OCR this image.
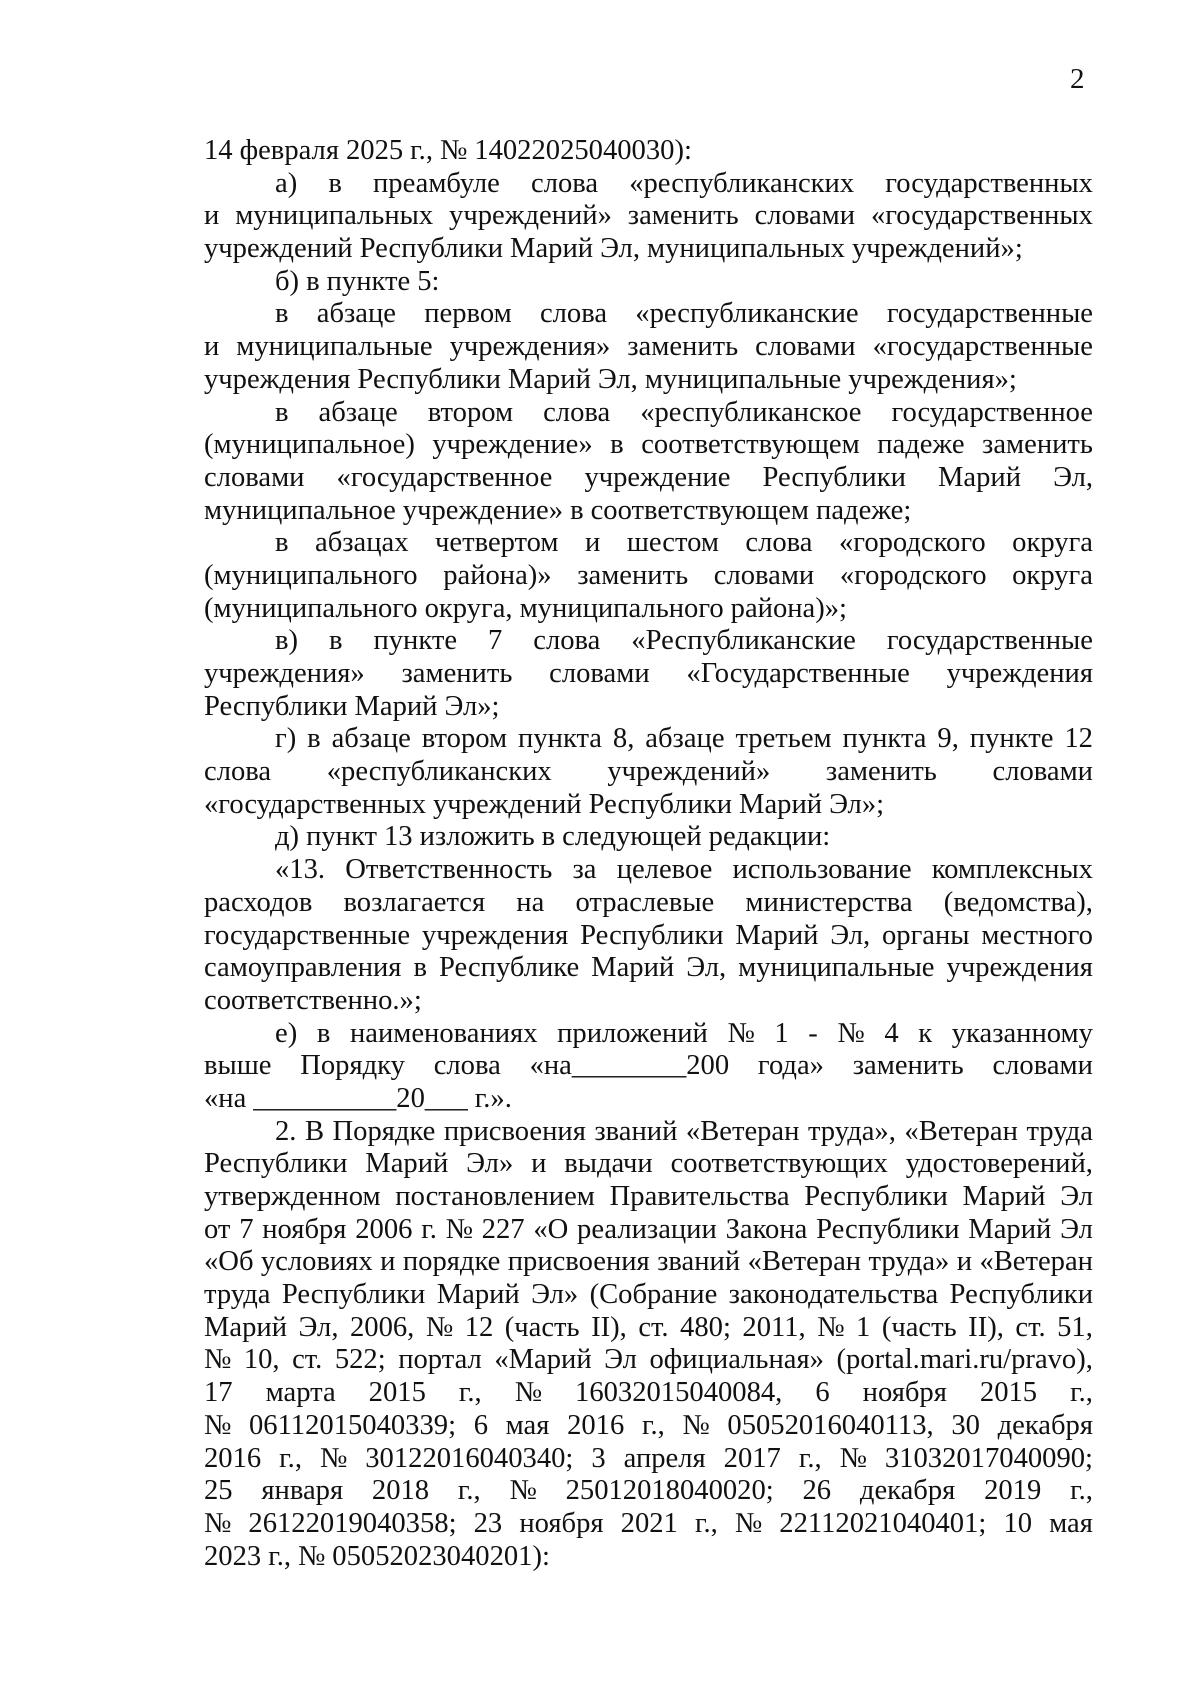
2
14 февраля 2025 г., № 14022025040030):
а) в преамбуле слова «республиканских государственных
и муниципальных учреждений» заменить словами «государственных
учреждений Республики Марий Эл, муниципальных учреждений»;
б) в пункте 5:
в абзаце первом слова «республиканские государственные
и муниципальные учреждения» заменить словами «государственные
учреждения Республики Марий Эл, муниципальные учреждения»;
в абзаце втором слова «республиканское государственное
(муниципальное) учреждение» в соответствующем падеже заменить
словами «государственное учреждение Республики Марий Эл,
муниципальное учреждение» в соответствующем падеже;
в абзацах четвертом и шестом слова «городского округа
(муниципального района)» заменить словами «городского округа
(муниципального округа, муниципального района)»;
в) в пункте 7 слова «Республиканские государственные
учреждения» заменить словами «Государственные учреждения
Республики Марий Эл»;
г) в абзаце втором пункта 8, абзаце третьем пункта 9, пункте 12
слова «республиканских учреждений» заменить словами
«государственных учреждений Республики Марий Эл»;
д) пункт 13 изложить в следующей редакции:
«13. Ответственность за целевое использование комплексных
расходов возлагается на отраслевые министерства (ведомства),
государственные учреждения Республики Марий Эл, органы местного
самоуправления в Республике Марий Эл, муниципальные учреждения
соответственно.»;
е) в наименованиях приложений № 1 - № 4 к указанному
выше Порядку слова «на________200 года» заменить словами
«на __________20___ г.».
2. В Порядке присвоения званий «Ветеран труда», «Ветеран труда
Республики Марий Эл» и выдачи соответствующих удостоверений,
утвержденном постановлением Правительства Республики Марий Эл
от 7 ноября 2006 г. № 227 «О реализации Закона Республики Марий Эл
«Об условиях и порядке присвоения званий «Ветеран труда» и «Ветеран
труда Республики Марий Эл» (Собрание законодательства Республики
Марий Эл, 2006, № 12 (часть II), ст. 480; 2011, № 1 (часть II), ст. 51,
№ 10, ст. 522; портал «Марий Эл официальная» (portal.mari.ru/pravo),
17 марта 2015 г., № 16032015040084, 6 ноября 2015 г.,
№ 06112015040339; 6 мая 2016 г., № 05052016040113, 30 декабря
2016 г., № 30122016040340; 3 апреля 2017 г., № 31032017040090;
25 января 2018 г., № 25012018040020; 26 декабря 2019 г.,
№ 26122019040358; 23 ноября 2021 г., № 22112021040401; 10 мая
2023 г., № 05052023040201):
